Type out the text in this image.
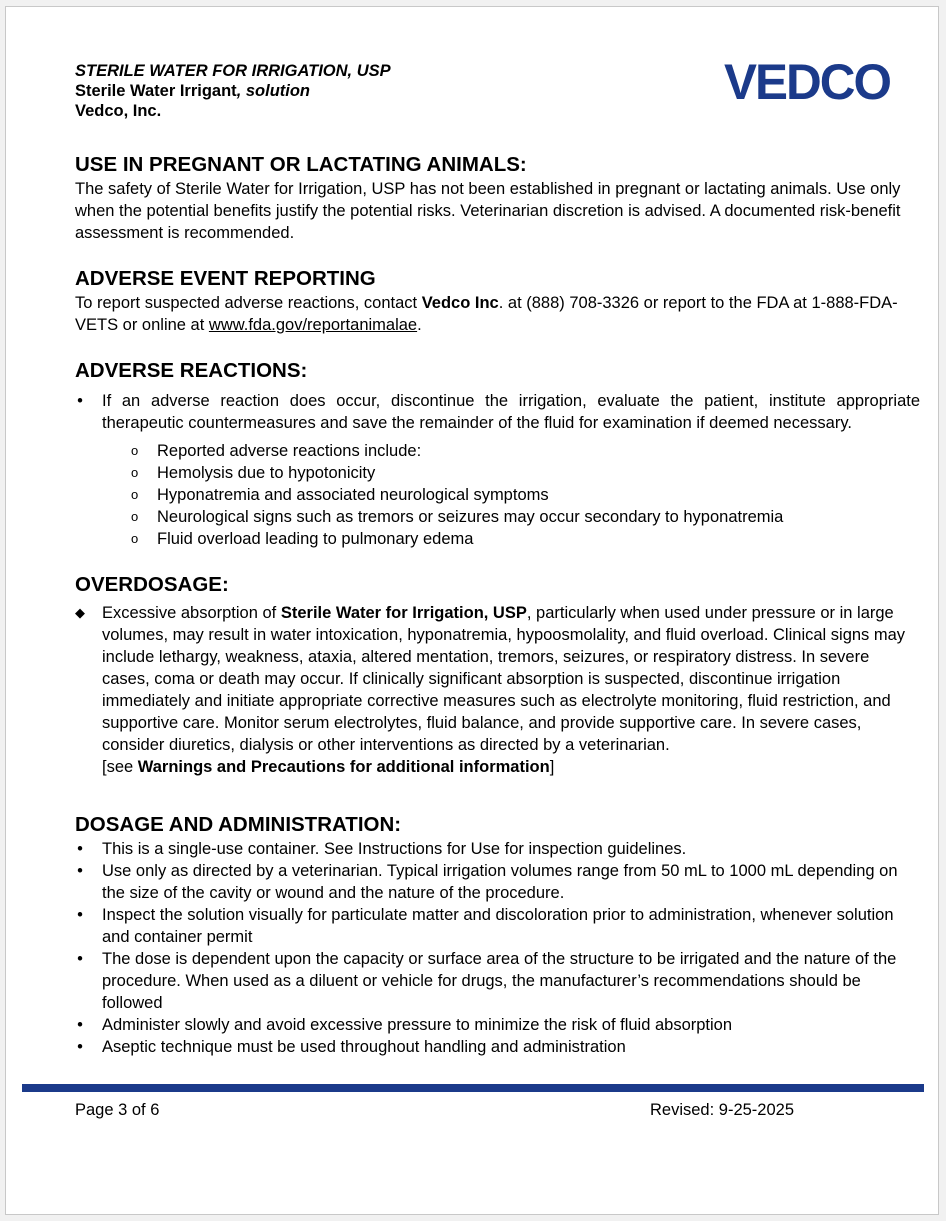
STERILE WATER FOR IRRIGATION, USP
Sterile Water Irrigant, solution
Vedco, Inc.
VEDCO
USE IN PREGNANT OR LACTATING ANIMALS:

The safety of Sterile Water for Irrigation, USP has not been established in pregnant or lactating animals. Use only when the potential benefits justify the potential risks. Veterinarian discretion is advised. A documented risk-benefit assessment is recommended.

ADVERSE EVENT REPORTING

To report suspected adverse reactions, contact Vedco Inc. at (888) 708-3326 or report to the FDA at 1-888-FDA-VETS or online at www.fda.gov/reportanimalae.

ADVERSE REACTIONS:
• If an adverse reaction does occur, discontinue the irrigation, evaluate the patient, institute appropriate therapeutic countermeasures and save the remainder of the fluid for examination if deemed necessary.
o Reported adverse reactions include:
o Hemolysis due to hypotonicity
o Hyponatremia and associated neurological symptoms
o Neurological signs such as tremors or seizures may occur secondary to hyponatremia
o Fluid overload leading to pulmonary edema
OVERDOSAGE:
◆ Excessive absorption of Sterile Water for Irrigation, USP, particularly when used under pressure or in large volumes, may result in water intoxication, hyponatremia, hypoosmolality, and fluid overload. Clinical signs may include lethargy, weakness, ataxia, altered mentation, tremors, seizures, or respiratory distress. In severe cases, coma or death may occur. If clinically significant absorption is suspected, discontinue irrigation immediately and initiate appropriate corrective measures such as electrolyte monitoring, fluid restriction, and supportive care. Monitor serum electrolytes, fluid balance, and provide supportive care. In severe cases, consider diuretics, dialysis or other interventions as directed by a veterinarian.
[see Warnings and Precautions for additional information]

DOSAGE AND ADMINISTRATION:
• This is a single-use container. See Instructions for Use for inspection guidelines.
• Use only as directed by a veterinarian. Typical irrigation volumes range from 50 mL to 1000 mL depending on the size of the cavity or wound and the nature of the procedure.
• Inspect the solution visually for particulate matter and discoloration prior to administration, whenever solution and container permit
• The dose is dependent upon the capacity or surface area of the structure to be irrigated and the nature of the procedure. When used as a diluent or vehicle for drugs, the manufacturer’s recommendations should be followed
• Administer slowly and avoid excessive pressure to minimize the risk of fluid absorption
• Aseptic technique must be used throughout handling and administration
Page 3 of 6	Revised: 9-25-2025
